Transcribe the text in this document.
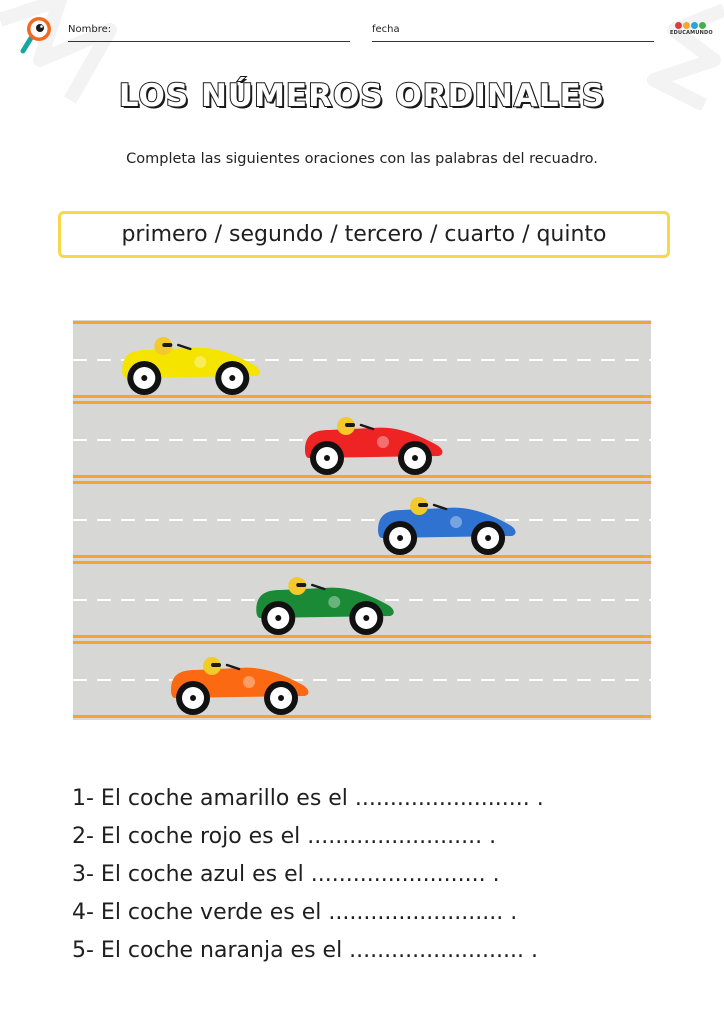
Nombre:	fecha	EDUCAMUNDO
LOS NÚMEROS ORDINALES
Completa las siguientes oraciones con las palabras del recuadro.
primero / segundo / tercero / cuarto / quinto
1- El coche amarillo es el ......................... .
2- El coche rojo es el ......................... .
3- El coche azul es el ......................... .
4- El coche verde es el ......................... .
5- El coche naranja es el ......................... .
